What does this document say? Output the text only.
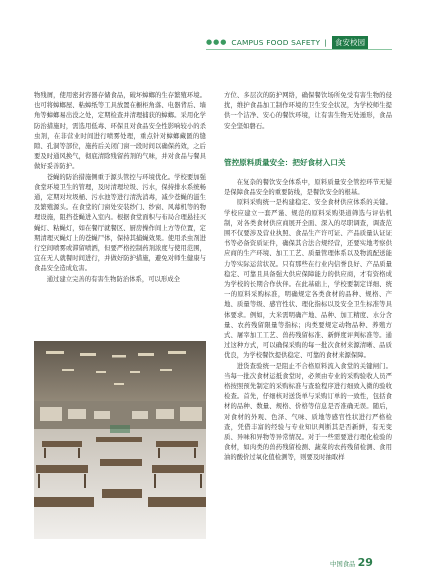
●●● CAMPUS FOOD SAFETY |	食安校园

物残屑，使用密封容器存储食品，破坏蟑螂的生存繁殖环境。也可将蟑螂屋、粘蟑纸等工具放置在橱柜角落、电器背后、墙角等蟑螂易出没之处，定期检查并清理捕获的蟑螂。采用化学防治措施时，需选用低毒、环保且对食品安全性影响较小的杀虫剂，在非营业时间进行喷雾处理，重点针对蟑螂藏匿的缝隙、孔洞等部位，施药后关闭门窗一段时间以确保药效，之后要及时通风换气，彻底清除残留药剂的气味，并对食品与餐具做好妥善防护。

苍蝇的防治措施侧重于源头管控与环境优化。学校要加强食堂环境卫生的管理，及时清理垃圾、污水，保持排水系统畅通，定期对垃圾桶、污水池等进行清洗消毒，减少苍蝇的滋生及繁殖源头。在食堂的门窗处安装纱门、纱窗、风幕机等的物理设施，阻挡苍蝇进入室内。根据食堂面积与布局合理悬挂灭蝇灯、粘蝇灯，如在餐厅就餐区、厨房操作间上方等位置，定期清理灭蝇灯上的苍蝇尸体，保持其捕蝇效果。使用杀虫剂进行空间喷雾或滞留喷洒，但要严格控制药剂浓度与使用范围，宜在无人就餐时间进行，并做好防护措施，避免对师生健康与食品安全造成危害。

通过建立完善的有害生物防治体系，可以形成全

方位、多层次的防护网络，确保餐饮场所免受有害生物的侵扰，维护食品加工制作环境的卫生安全状况，为学校师生提供一个洁净、安心的餐饮环境，让有害生物无处遁形，食品安全坚如磐石。

管控原料质量安全：把好食材入口关

在复杂的餐饮安全体系中，原料质量安全管控环节无疑是保障食品安全的重要防线，是餐饮安全的根基。

原料采购统一是构建稳定、安全食材供应体系的关键。学校应建立一套严谨、规范的原料采购渠道筛选与评估机制，对各类食材供应商展开全面、深入的尽职调查，调查范围不仅要涉及营业执照、食品生产许可证、产品质量认证证书等必备资质证件，确保其合法合规经营，还要实地考察供应商的生产环境、加工工艺、质量管理体系以及物流配送能力等实际运营状况。只有那些在行业内信誉良好、产品质量稳定、可靠且具备强大供应保障能力的供应商，才有资格成为学校的长期合作伙伴。在此基础上，学校要制定详细、统一的原料采购标准，明确规定各类食材的品种、规格、产地、质量等级、感官性状、理化指标以及安全卫生标准等具体要求。例如，大米需明确产地、品种、加工精度、水分含量、农药残留限量等指标；肉类要规定动物品种、养殖方式、屠宰加工工艺、兽药残留标准、新鲜度评判标准等。通过这种方式，可以确保采购的每一批次食材来源清晰、品质优良，为学校餐饮提供稳定、可靠的食材来源保障。

进货查验统一是阻止不合格原料流入食堂的关键闸门。当每一批次食材运抵食堂时，必须由专业的采购验收人员严格按照预先制定的采购标准与查验程序进行细致入微的验收检查。首先，仔细核对送货单与采购订单的一致性，包括食材的品种、数量、规格、价格等信息是否准确无误。随后，对食材的外观、色泽、气味、质地等感官性状进行严格检查，凭借丰富的经验与专业知识判断其是否新鲜，有无变质、异味和异物等异常情况。对于一些需要进行理化检验的食材，如肉类的兽药残留检测、蔬菜的农药残留检测、食用油的酸价过氧化值检测等，则要及时抽取样

中国食品 29
